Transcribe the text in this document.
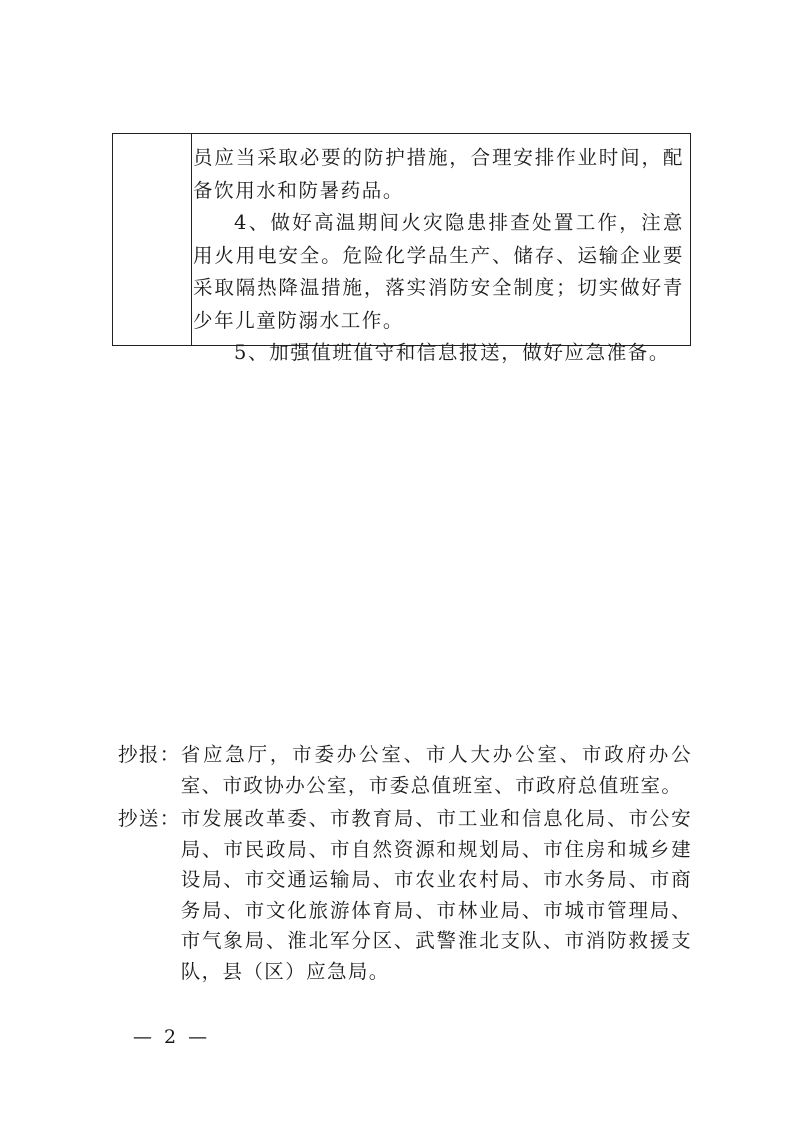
员应当采取必要的防护措施，合理安排作业时间，配备饮用水和防暑药品。

4、做好高温期间火灾隐患排查处置工作，注意用火用电安全。危险化学品生产、储存、运输企业要采取隔热降温措施，落实消防安全制度；切实做好青少年儿童防溺水工作。

5、加强值班值守和信息报送，做好应急准备。

抄报： 省应急厅，市委办公室、市人大办公室、市政府办公室、市政协办公室，市委总值班室、市政府总值班室。
抄送： 市发展改革委、市教育局、市工业和信息化局、市公安局、市民政局、市自然资源和规划局、市住房和城乡建设局、市交通运输局、市农业农村局、市水务局、市商务局、市文化旅游体育局、市林业局、市城市管理局、市气象局、淮北军分区、武警淮北支队、市消防救援支队，县（区）应急局。
— 2 —
